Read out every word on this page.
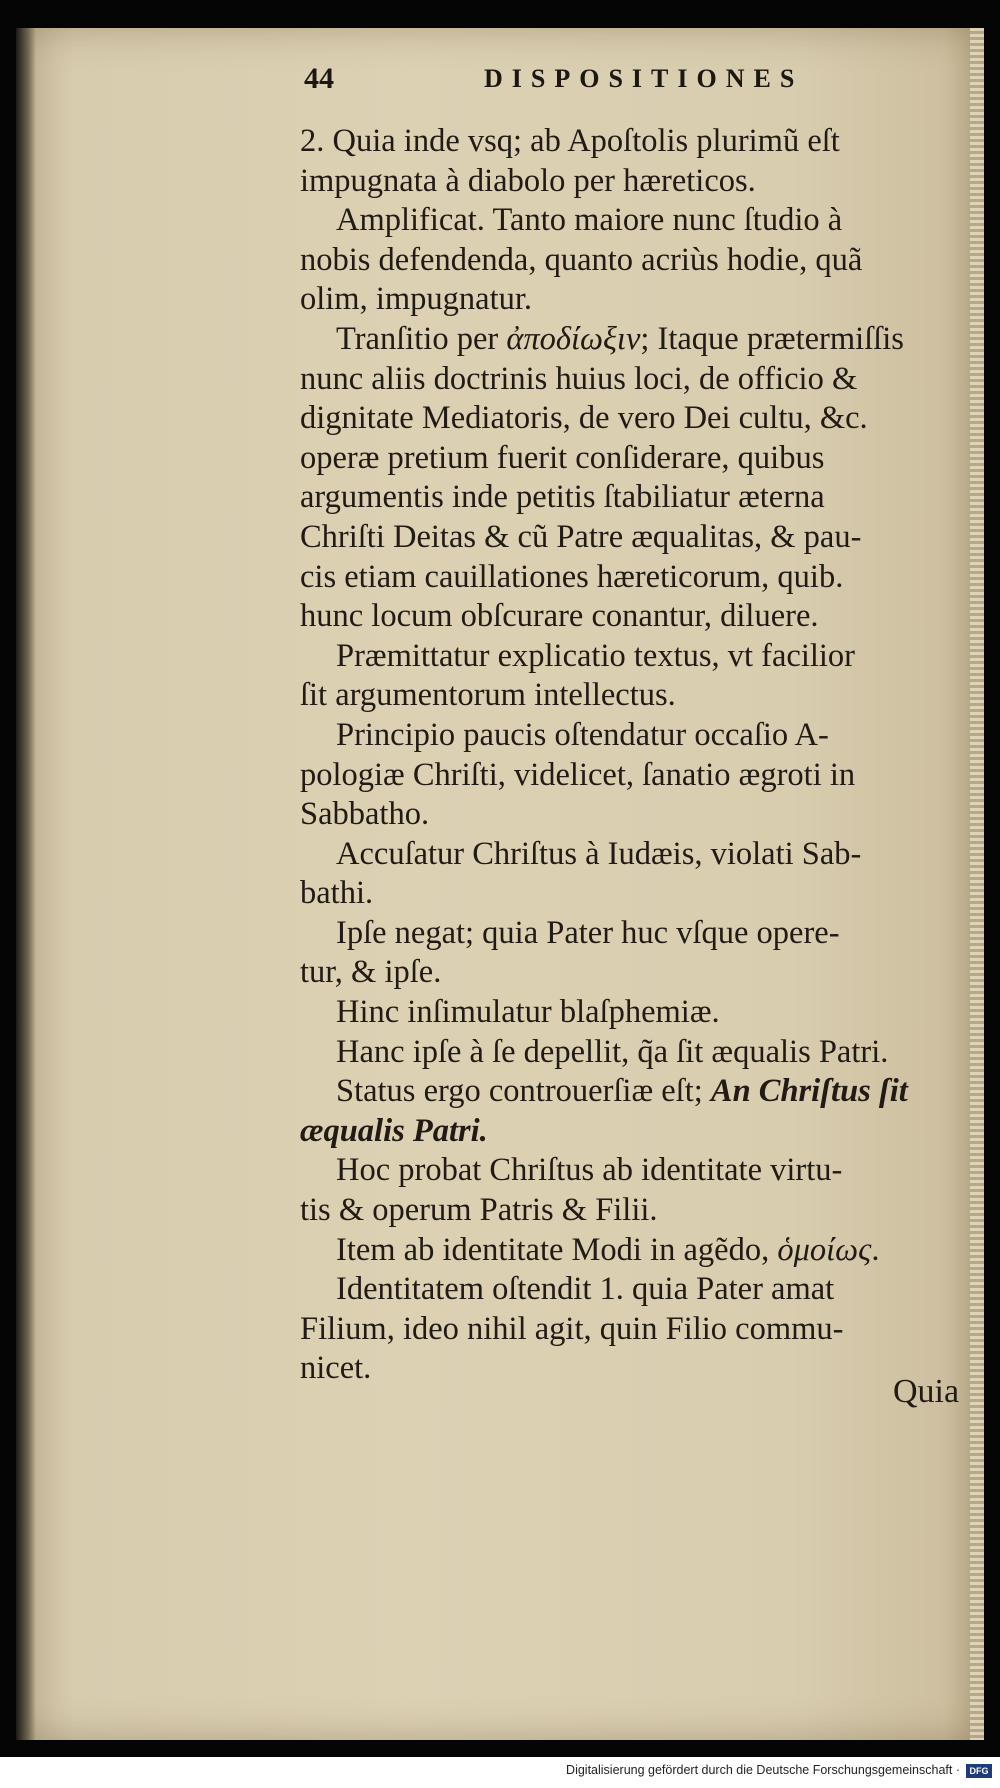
44	DISPOSITIONES
2. Quia inde vsq; ab Apoſtolis plurimũ eſt
impugnata à diabolo per hæreticos.
Amplificat. Tanto maiore nunc ſtudio à
nobis defendenda, quanto acriùs hodie, quã
olim, impugnatur.
Tranſitio per ἀποδίωξιν; Itaque prætermiſſis
nunc aliis doctrinis huius loci, de officio &
dignitate Mediatoris, de vero Dei cultu, &c.
operæ pretium fuerit conſiderare, quibus
argumentis inde petitis ſtabiliatur æterna
Chriſti Deitas & cũ Patre æqualitas, & pau-
cis etiam cauillationes hæreticorum, quib.
hunc locum obſcurare conantur, diluere.
Præmittatur explicatio textus, vt facilior
ſit argumentorum intellectus.
Principio paucis oſtendatur occaſio A-
pologiæ Chriſti, videlicet, ſanatio ægroti in
Sabbatho.
Accuſatur Chriſtus à Iudæis, violati Sab-
bathi.
Ipſe negat; quia Pater huc vſque opere-
tur, & ipſe.
Hinc inſimulatur blaſphemiæ.
Hanc ipſe à ſe depellit, q̃a ſit æqualis Patri.
Status ergo controuerſiæ eſt; An Chriſtus ſit
æqualis Patri.
Hoc probat Chriſtus ab identitate virtu-
tis & operum Patris & Filii.
Item ab identitate Modi in agẽdo, ὁμοίως.
Identitatem oſtendit 1. quia Pater amat
Filium, ideo nihil agit, quin Filio commu-
nicet.
Quia
Digitalisierung gefördert durch die Deutsche Forschungsgemeinschaft ·	DFG
